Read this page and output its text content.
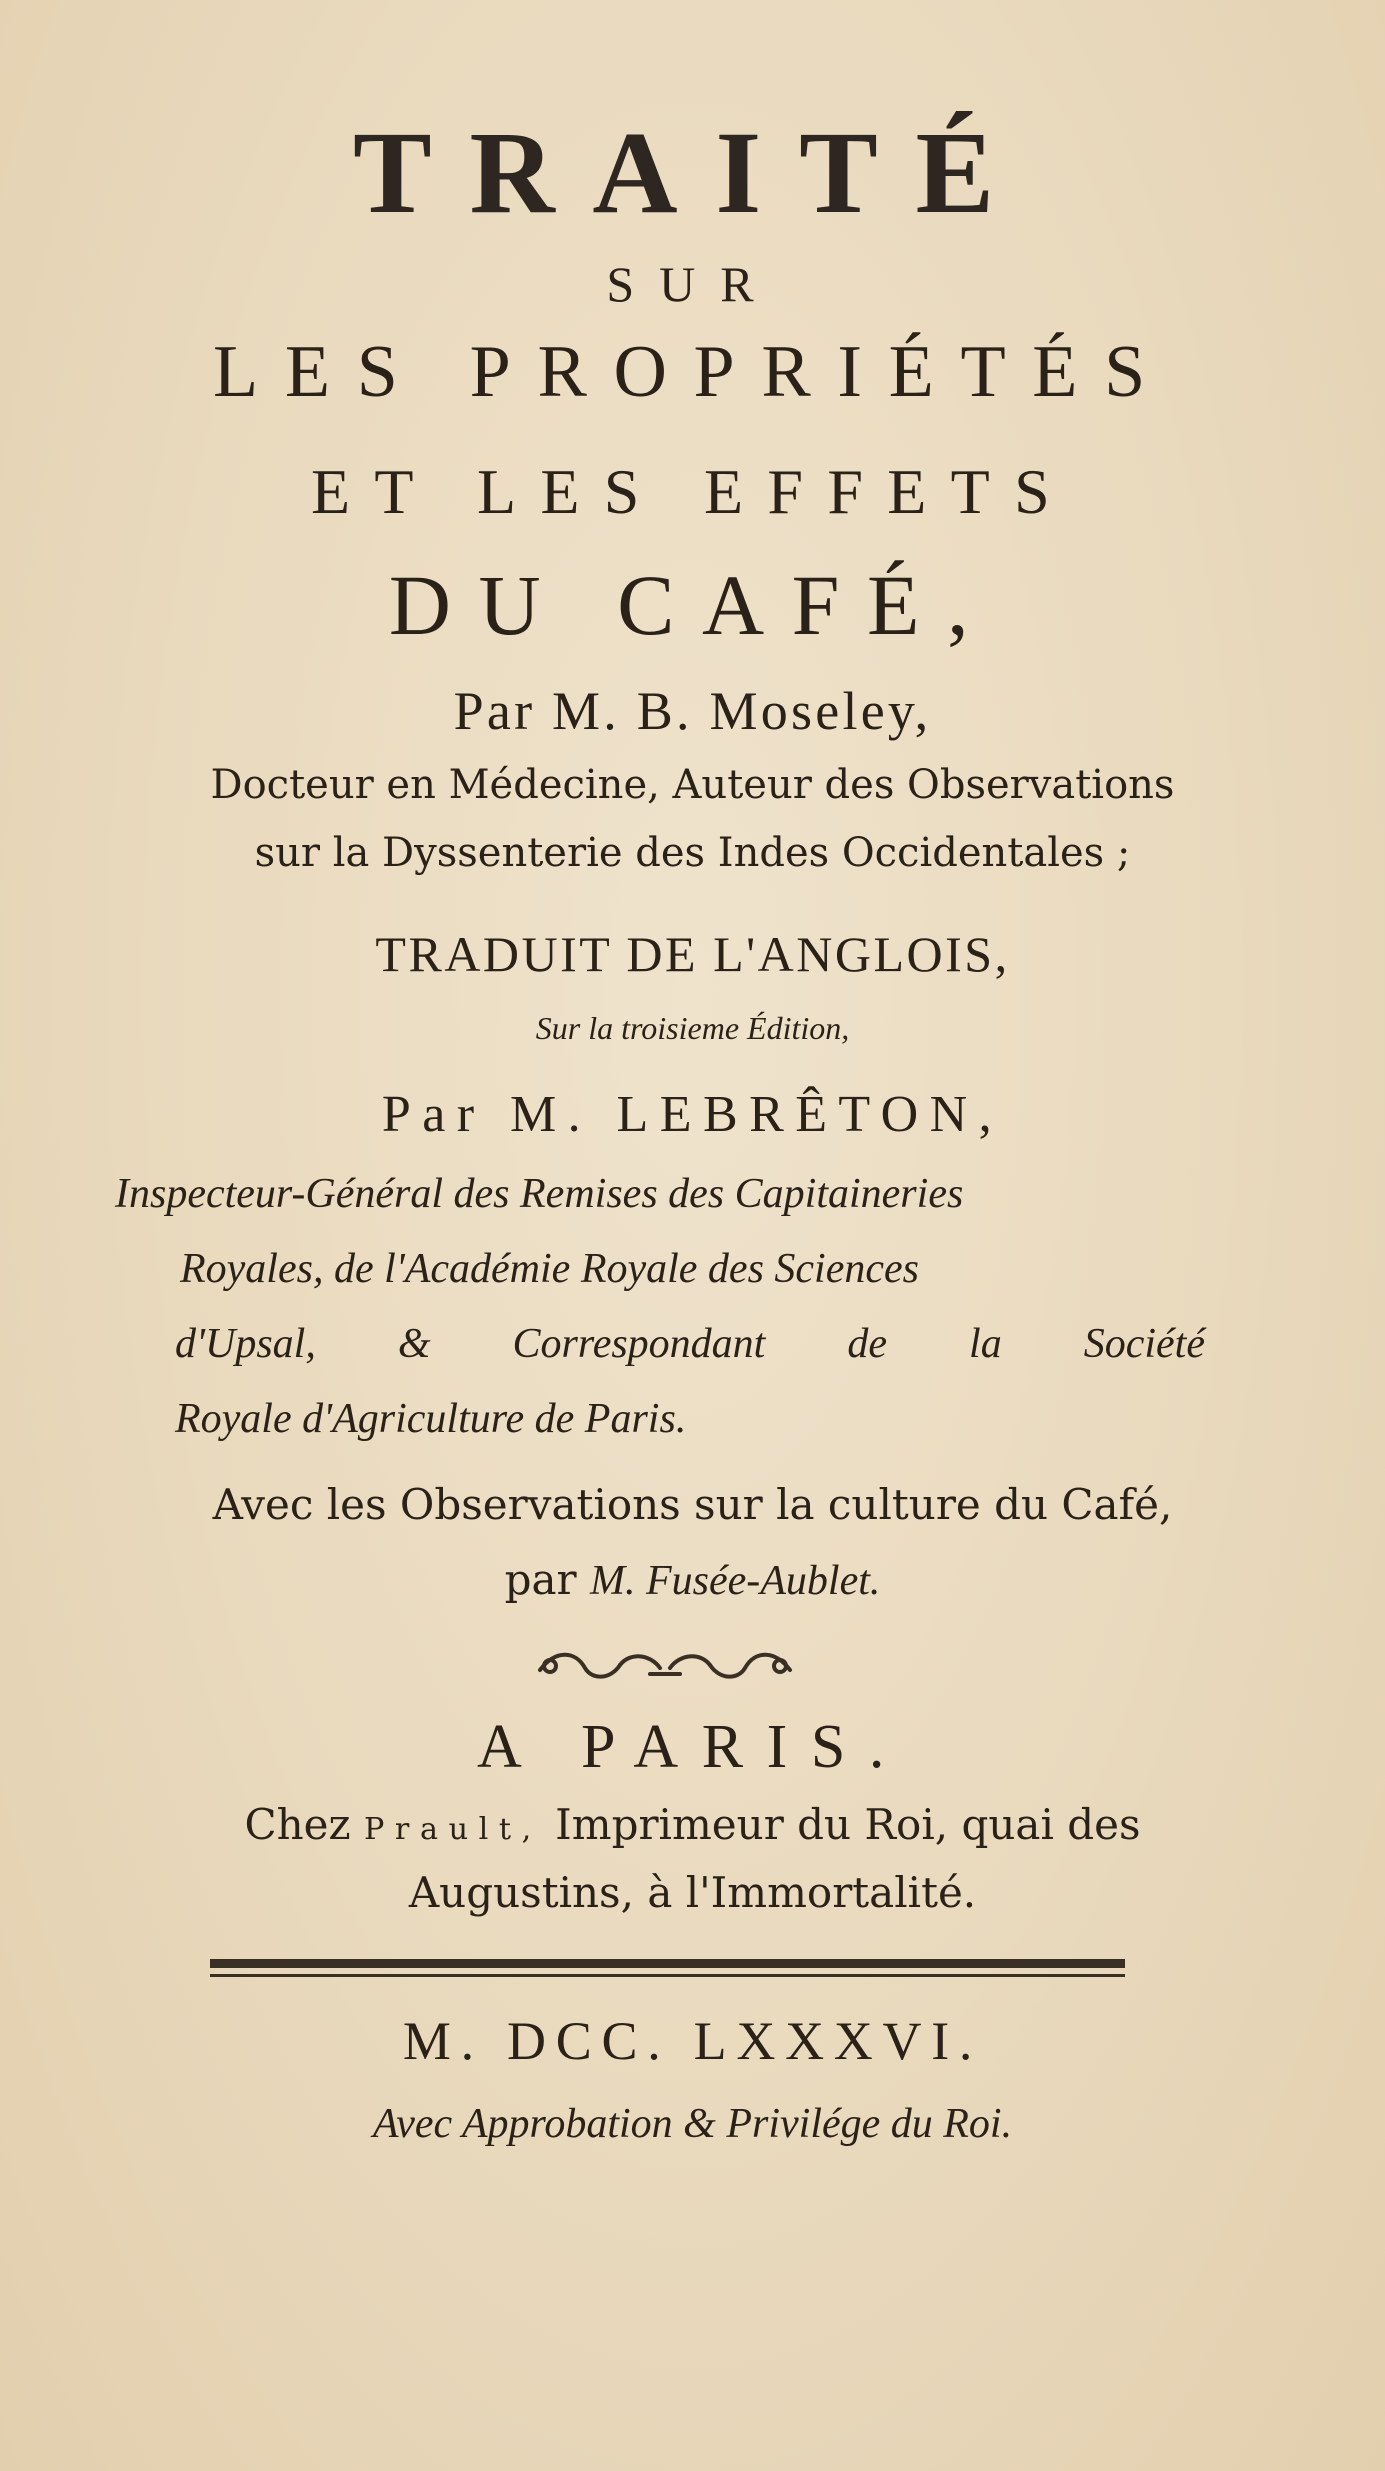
TRAITÉ
SUR
LES PROPRIÉTÉS
ET LES EFFETS
DU CAFÉ,
Par M. B. Moseley,
Docteur en Médecine, Auteur des Observations
sur la Dyssenterie des Indes Occidentales ;
TRADUIT DE L'ANGLOIS,
Sur la troisieme Édition,
Par M. LEBRÊTON,
Inspecteur-Général des Remises des Capitaineries
Royales, de l'Académie Royale des Sciences
d'Upsal, & Correspondant de la Société
Royale d'Agriculture de Paris.
Avec les Observations sur la culture du Café,
par M. Fusée-Aublet.
A PARIS.
Chez Prault, Imprimeur du Roi, quai des
Augustins, à l'Immortalité.
M. DCC. LXXXVI.
Avec Approbation & Privilége du Roi.
